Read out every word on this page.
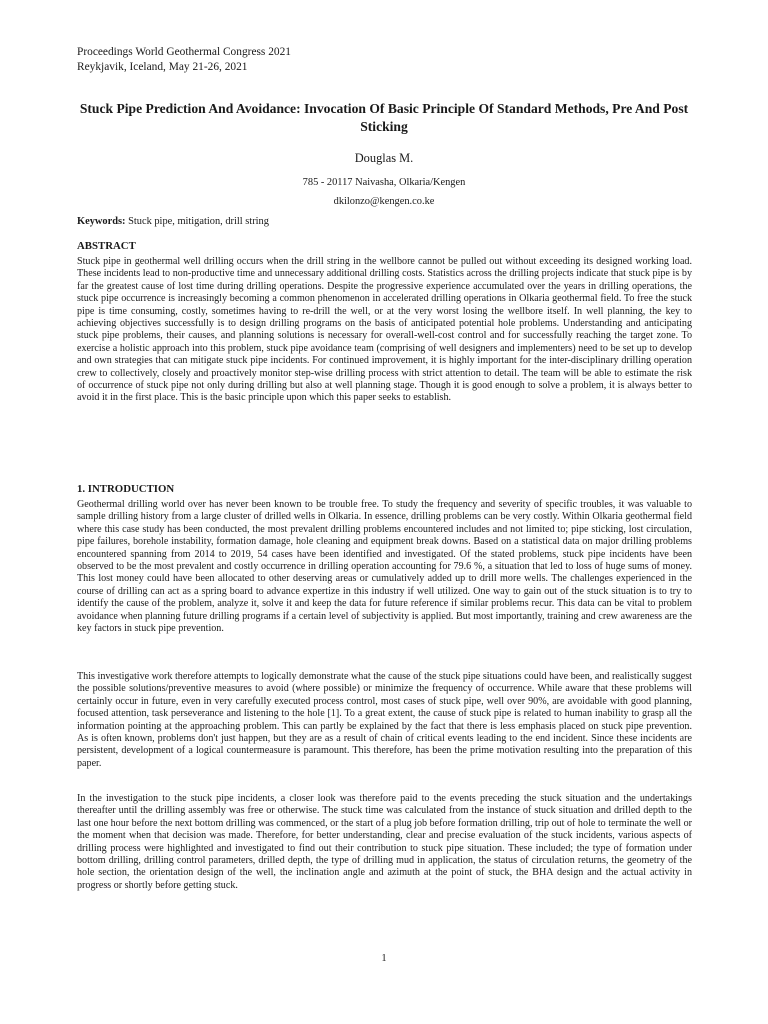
Proceedings World Geothermal Congress 2021
Reykjavik, Iceland, May 21-26, 2021
Stuck Pipe Prediction And Avoidance: Invocation Of Basic Principle Of Standard Methods, Pre And Post Sticking
Douglas M.
785 - 20117 Naivasha, Olkaria/Kengen
dkilonzo@kengen.co.ke
Keywords: Stuck pipe, mitigation, drill string
ABSTRACT

Stuck pipe in geothermal well drilling occurs when the drill string in the wellbore cannot be pulled out without exceeding its designed working load. These incidents lead to non-productive time and unnecessary additional drilling costs. Statistics across the drilling projects indicate that stuck pipe is by far the greatest cause of lost time during drilling operations. Despite the progressive experience accumulated over the years in drilling operations, the stuck pipe occurrence is increasingly becoming a common phenomenon in accelerated drilling operations in Olkaria geothermal field. To free the stuck pipe is time consuming, costly, sometimes having to re-drill the well, or at the very worst losing the wellbore itself. In well planning, the key to achieving objectives successfully is to design drilling programs on the basis of anticipated potential hole problems. Understanding and anticipating stuck pipe problems, their causes, and planning solutions is necessary for overall-well-cost control and for successfully reaching the target zone. To exercise a holistic approach into this problem, stuck pipe avoidance team (comprising of well designers and implementers) need to be set up to develop and own strategies that can mitigate stuck pipe incidents. For continued improvement, it is highly important for the inter-disciplinary drilling operation crew to collectively, closely and proactively monitor step-wise drilling process with strict attention to detail. The team will be able to estimate the risk of occurrence of stuck pipe not only during drilling but also at well planning stage. Though it is good enough to solve a problem, it is always better to avoid it in the first place. This is the basic principle upon which this paper seeks to establish.

1. INTRODUCTION

Geothermal drilling world over has never been known to be trouble free. To study the frequency and severity of specific troubles, it was valuable to sample drilling history from a large cluster of drilled wells in Olkaria. In essence, drilling problems can be very costly. Within Olkaria geothermal field where this case study has been conducted, the most prevalent drilling problems encountered includes and not limited to; pipe sticking, lost circulation, pipe failures, borehole instability, formation damage, hole cleaning and equipment break downs. Based on a statistical data on major drilling problems encountered spanning from 2014 to 2019, 54 cases have been identified and investigated. Of the stated problems, stuck pipe incidents have been observed to be the most prevalent and costly occurrence in drilling operation accounting for 79.6 %, a situation that led to loss of huge sums of money. This lost money could have been allocated to other deserving areas or cumulatively added up to drill more wells. The challenges experienced in the course of drilling can act as a spring board to advance expertize in this industry if well utilized. One way to gain out of the stuck situation is to try to identify the cause of the problem, analyze it, solve it and keep the data for future reference if similar problems recur. This data can be vital to problem avoidance when planning future drilling programs if a certain level of subjectivity is applied. But most importantly, training and crew awareness are the key factors in stuck pipe prevention.

This investigative work therefore attempts to logically demonstrate what the cause of the stuck pipe situations could have been, and realistically suggest the possible solutions/preventive measures to avoid (where possible) or minimize the frequency of occurrence. While aware that these problems will certainly occur in future, even in very carefully executed process control, most cases of stuck pipe, well over 90%, are avoidable with good planning, focused attention, task perseverance and listening to the hole [1]. To a great extent, the cause of stuck pipe is related to human inability to grasp all the information pointing at the approaching problem. This can partly be explained by the fact that there is less emphasis placed on stuck pipe prevention. As is often known, problems don't just happen, but they are as a result of chain of critical events leading to the end incident. Since these incidents are persistent, development of a logical countermeasure is paramount. This therefore, has been the prime motivation resulting into the preparation of this paper.

In the investigation to the stuck pipe incidents, a closer look was therefore paid to the events preceding the stuck situation and the undertakings thereafter until the drilling assembly was free or otherwise. The stuck time was calculated from the instance of stuck situation and drilled depth to the last one hour before the next bottom drilling was commenced, or the start of a plug job before formation drilling, trip out of hole to terminate the well or the moment when that decision was made. Therefore, for better understanding, clear and precise evaluation of the stuck incidents, various aspects of drilling process were highlighted and investigated to find out their contribution to stuck pipe situation. These included; the type of formation under bottom drilling, drilling control parameters, drilled depth, the type of drilling mud in application, the status of circulation returns, the geometry of the hole section, the orientation design of the well, the inclination angle and azimuth at the point of stuck, the BHA design and the actual activity in progress or shortly before getting stuck.

1
